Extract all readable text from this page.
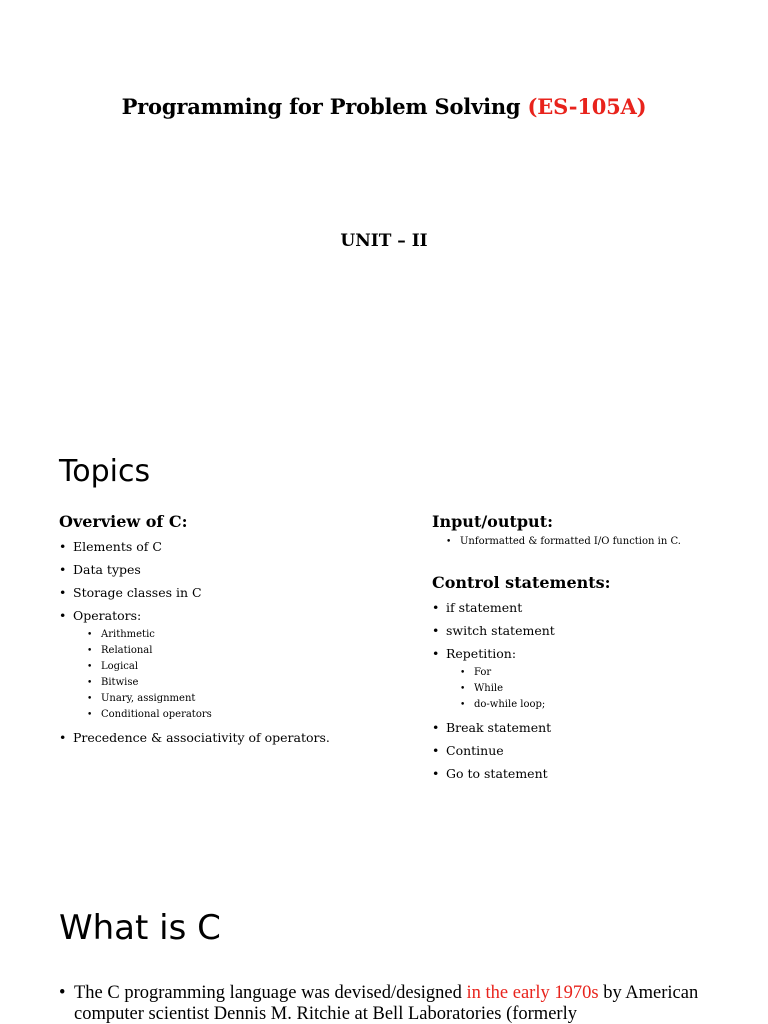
Programming for Problem Solving (ES-105A)
UNIT – II
Topics
Overview of C:
• Elements of C
• Data types
• Storage classes in C
• Operators:
• Arithmetic
• Relational
• Logical
• Bitwise
• Unary, assignment
• Conditional operators
• Precedence & associativity of operators.
Input/output:
• Unformatted & formatted I/O function in C.
Control statements:
• if statement
• switch statement
• Repetition:
• For
• While
• do-while loop;
• Break statement
• Continue
• Go to statement
What is C
• The C programming language was devised/designed in the early 1970s by American computer scientist Dennis M. Ritchie at Bell Laboratories (formerly
